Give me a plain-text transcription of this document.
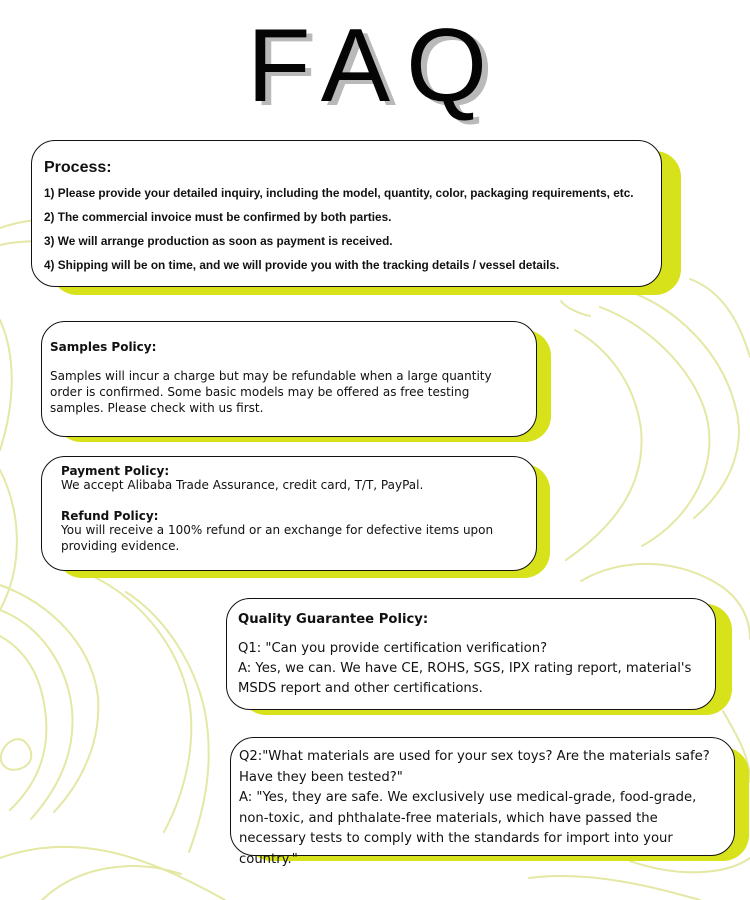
FAQ

Process:

1) Please provide your detailed inquiry, including the model, quantity, color, packaging requirements, etc.

2) The commercial invoice must be confirmed by both parties.

3) We will arrange production as soon as payment is received.

4) Shipping will be on time, and we will provide you with the tracking details / vessel details.

Samples Policy:

Samples will incur a charge but may be refundable when a large quantity order is confirmed. Some basic models may be offered as free testing samples. Please check with us first.

Payment Policy:

We accept Alibaba Trade Assurance, credit card, T/T, PayPal.

Refund Policy:

You will receive a 100% refund or an exchange for defective items upon providing evidence.

Quality Guarantee Policy:

Q1: "Can you provide certification verification?

A: Yes, we can. We have CE, ROHS, SGS, IPX rating report, material's MSDS report and other certifications.

Q2:"What materials are used for your sex toys? Are the materials safe? Have they been tested?"

A: "Yes, they are safe. We exclusively use medical-grade, food-grade, non-toxic, and phthalate-free materials, which have passed the necessary tests to comply with the standards for import into your country."
